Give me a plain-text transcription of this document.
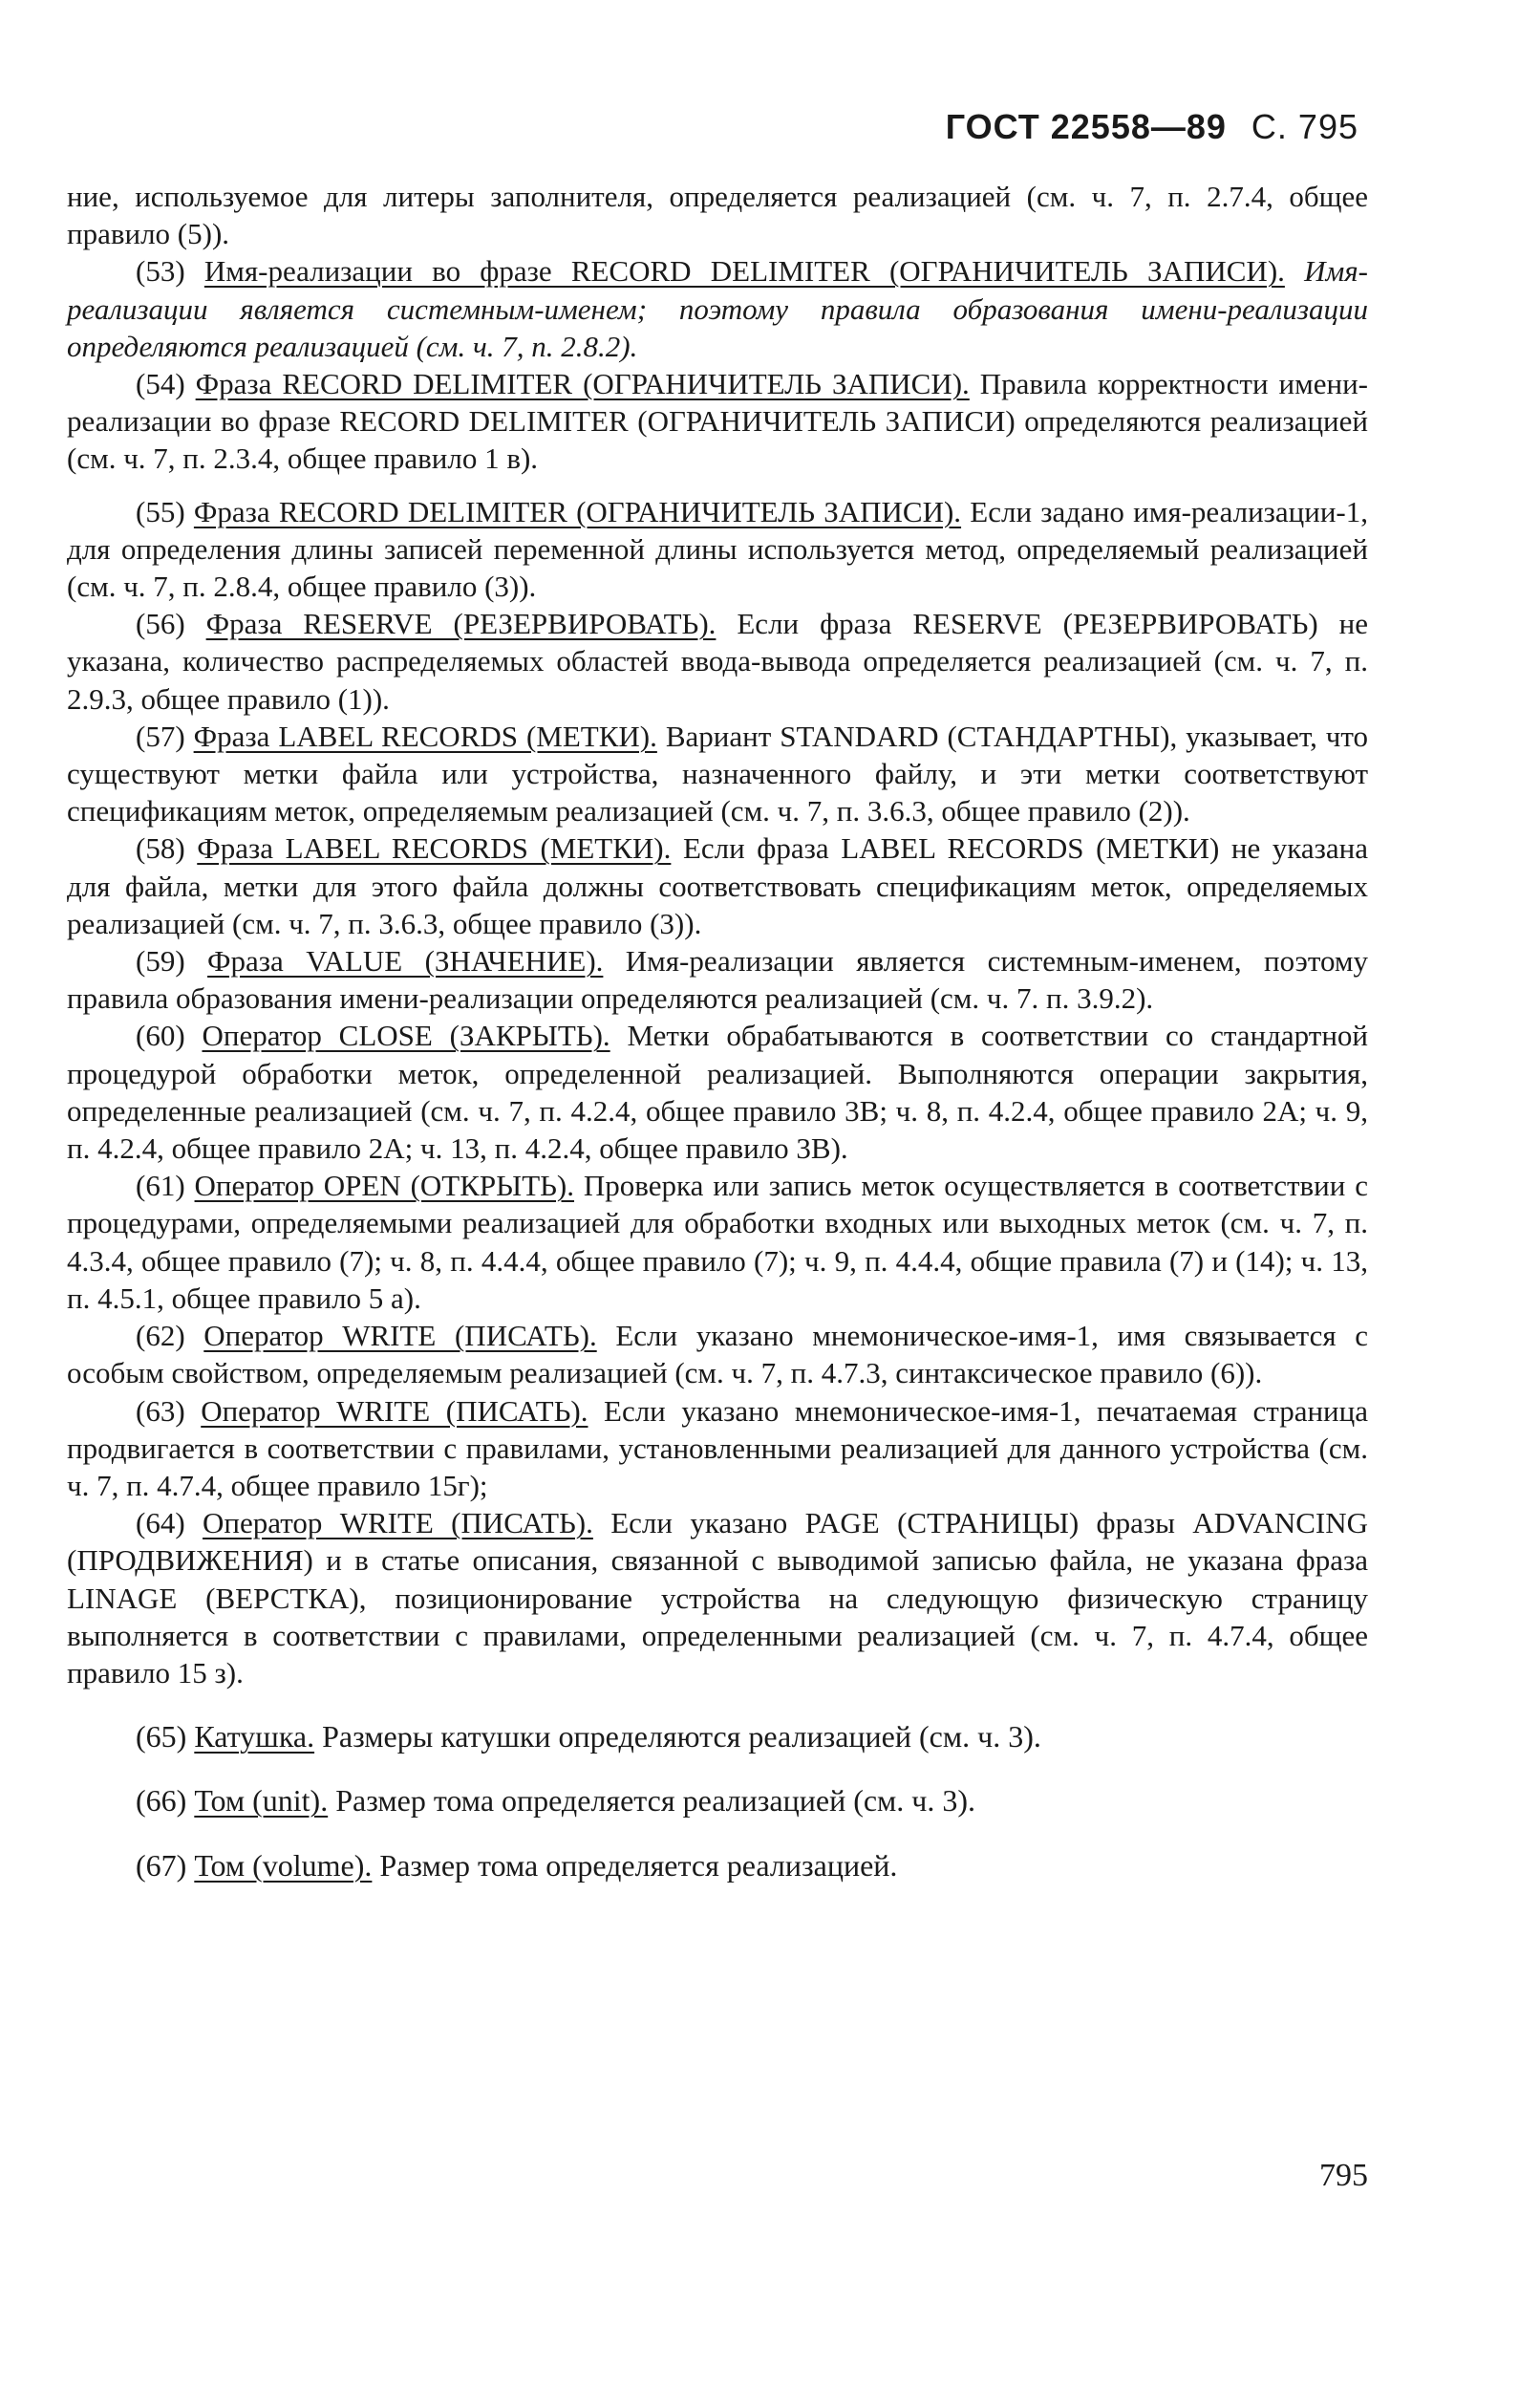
ГОСТ 22558—89 С. 795

ние, используемое для литеры заполнителя, определяется реализацией (см. ч. 7, п. 2.7.4, общее правило (5)).

(53) Имя-реализации во фразе RECORD DELIMITER (ОГРАНИЧИТЕЛЬ ЗАПИСИ). Имя-реализации является системным-именем; поэтому правила образования имени-реализации определяются реализацией (см. ч. 7, п. 2.8.2).

(54) Фраза RECORD DELIMITER (ОГРАНИЧИТЕЛЬ ЗАПИСИ). Правила корректности имени-реализации во фразе RECORD DELIMITER (ОГРАНИЧИТЕЛЬ ЗАПИСИ) определяются реализацией (см. ч. 7, п. 2.3.4, общее правило 1 в).

(55) Фраза RECORD DELIMITER (ОГРАНИЧИТЕЛЬ ЗАПИСИ). Если задано имя-реализации-1, для определения длины записей переменной длины используется метод, определяемый реализацией (см. ч. 7, п. 2.8.4, общее правило (3)).

(56) Фраза RESERVE (РЕЗЕРВИРОВАТЬ). Если фраза RESERVE (РЕЗЕРВИРОВАТЬ) не указана, количество распределяемых областей ввода-вывода определяется реализацией (см. ч. 7, п. 2.9.3, общее правило (1)).

(57) Фраза LABEL RECORDS (МЕТКИ). Вариант STANDARD (СТАНДАРТНЫ), указывает, что существуют метки файла или устройства, назначенного файлу, и эти метки соответствуют спецификациям меток, определяемым реализацией (см. ч. 7, п. 3.6.3, общее правило (2)).

(58) Фраза LABEL RECORDS (МЕТКИ). Если фраза LABEL RECORDS (МЕТКИ) не указана для файла, метки для этого файла должны соответствовать спецификациям меток, определяемых реализацией (см. ч. 7, п. 3.6.3, общее правило (3)).

(59) Фраза VALUE (ЗНАЧЕНИЕ). Имя-реализации является системным-именем, поэтому правила образования имени-реализации определяются реализацией (см. ч. 7. п. 3.9.2).

(60) Оператор CLOSE (ЗАКРЫТЬ). Метки обрабатываются в соответствии со стандартной процедурой обработки меток, определенной реализацией. Выполняются операции закрытия, определенные реализацией (см. ч. 7, п. 4.2.4, общее правило 3В; ч. 8, п. 4.2.4, общее правило 2А; ч. 9, п. 4.2.4, общее правило 2А; ч. 13, п. 4.2.4, общее правило 3В).

(61) Оператор OPEN (ОТКРЫТЬ). Проверка или запись меток осуществляется в соответствии с процедурами, определяемыми реализацией для обработки входных или выходных меток (см. ч. 7, п. 4.3.4, общее правило (7); ч. 8, п. 4.4.4, общее правило (7); ч. 9, п. 4.4.4, общие правила (7) и (14); ч. 13, п. 4.5.1, общее правило 5 а).

(62) Оператор WRITE (ПИСАТЬ). Если указано мнемоническое-имя-1, имя связывается с особым свойством, определяемым реализацией (см. ч. 7, п. 4.7.3, синтаксическое правило (6)).

(63) Оператор WRITE (ПИСАТЬ). Если указано мнемоническое-имя-1, печатаемая страница продвигается в соответствии с правилами, установленными реализацией для данного устройства (см. ч. 7, п. 4.7.4, общее правило 15г);

(64) Оператор WRITE (ПИСАТЬ). Если указано PAGE (СТРАНИЦЫ) фразы ADVANCING (ПРОДВИЖЕНИЯ) и в статье описания, связанной с выводимой записью файла, не указана фраза LINAGE (ВЕРСТКА), позиционирование устройства на следующую физическую страницу выполняется в соответствии с правилами, определенными реализацией (см. ч. 7, п. 4.7.4, общее правило 15 з).

(65) Катушка. Размеры катушки определяются реализацией (см. ч. 3).

(66) Том (unit). Размер тома определяется реализацией (см. ч. 3).

(67) Том (volume). Размер тома определяется реализацией.

795
